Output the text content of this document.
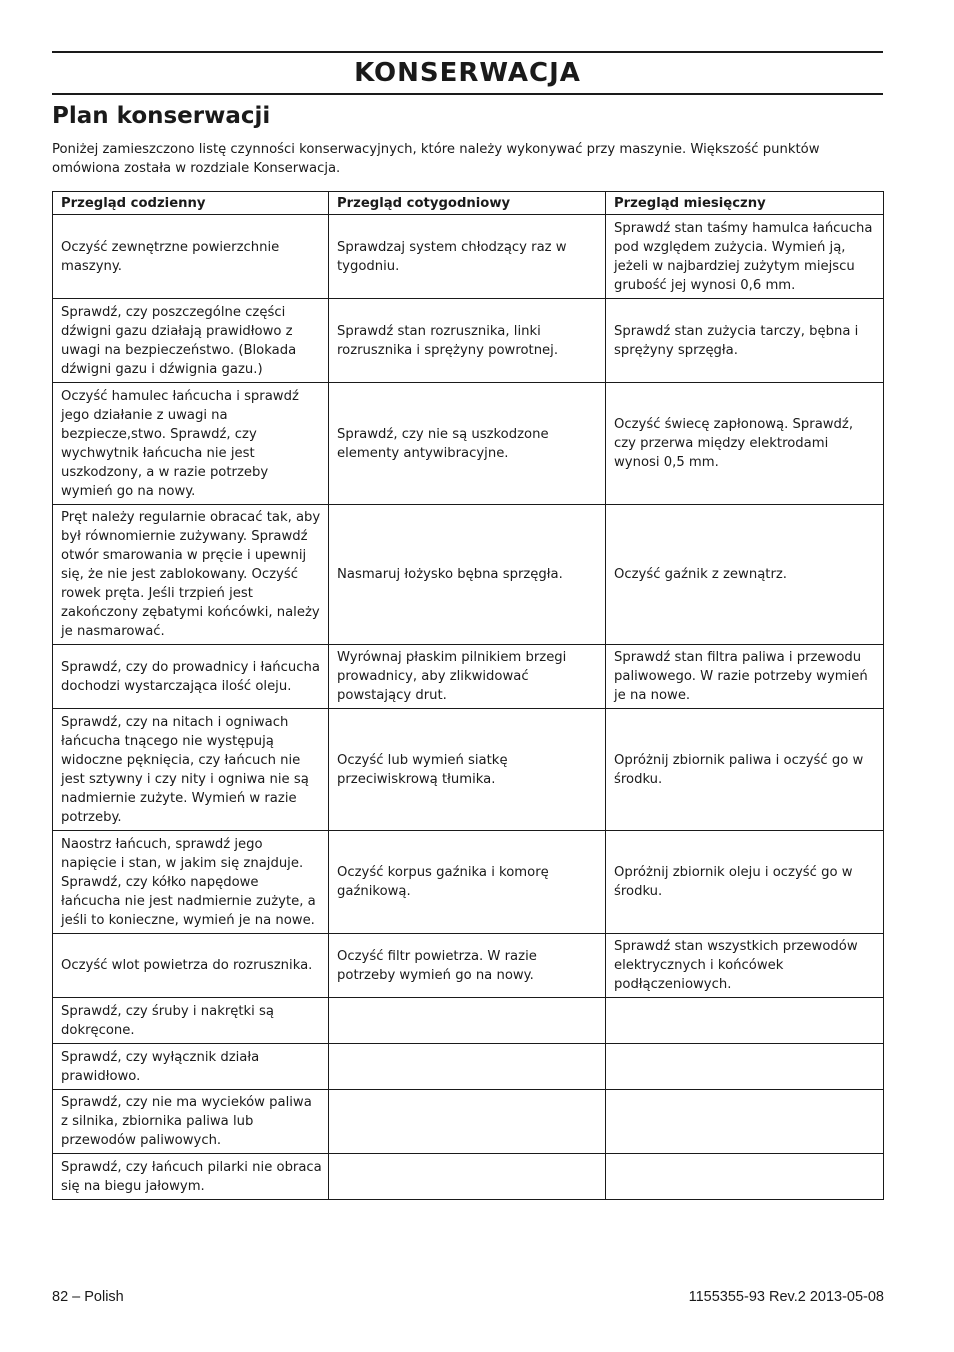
KONSERWACJA
Plan konserwacji

Poniżej zamieszczono listę czynności konserwacyjnych, które należy wykonywać przy maszynie. Większość punktów omówiona została w rozdziale Konserwacja.

Przegląd codzienny	Przegląd cotygodniowy	Przegląd miesięczny
Oczyść zewnętrzne powierzchnie maszyny.	Sprawdzaj system chłodzący raz w tygodniu.	Sprawdź stan taśmy hamulca łańcucha pod względem zużycia. Wymień ją, jeżeli w najbardziej zużytym miejscu grubość jej wynosi 0,6 mm.
Sprawdź, czy poszczególne części dźwigni gazu działają prawidłowo z uwagi na bezpieczeństwo. (Blokada dźwigni gazu i dźwignia gazu.)	Sprawdź stan rozrusznika, linki rozrusznika i sprężyny powrotnej.	Sprawdź stan zużycia tarczy, bębna i sprężyny sprzęgła.
Oczyść hamulec łańcucha i sprawdź jego działanie z uwagi na bezpiecze,stwo. Sprawdź, czy wychwytnik łańcucha nie jest uszkodzony, a w razie potrzeby wymień go na nowy.	Sprawdź, czy nie są uszkodzone elementy antywibracyjne.	Oczyść świecę zapłonową. Sprawdź, czy przerwa między elektrodami wynosi 0,5 mm.
Pręt należy regularnie obracać tak, aby był równomiernie zużywany. Sprawdź otwór smarowania w pręcie i upewnij się, że nie jest zablokowany. Oczyść rowek pręta. Jeśli trzpień jest zakończony zębatymi końcówki, należy je nasmarować.	Nasmaruj łożysko bębna sprzęgła.	Oczyść gaźnik z zewnątrz.
Sprawdź, czy do prowadnicy i łańcucha dochodzi wystarczająca ilość oleju.	Wyrównaj płaskim pilnikiem brzegi prowadnicy, aby zlikwidować powstający drut.	Sprawdź stan filtra paliwa i przewodu paliwowego. W razie potrzeby wymień je na nowe.
Sprawdź, czy na nitach i ogniwach łańcucha tnącego nie występują widoczne pęknięcia, czy łańcuch nie jest sztywny i czy nity i ogniwa nie są nadmiernie zużyte. Wymień w razie potrzeby.	Oczyść lub wymień siatkę przeciwiskrową tłumika.	Opróżnij zbiornik paliwa i oczyść go w środku.
Naostrz łańcuch, sprawdź jego napięcie i stan, w jakim się znajduje. Sprawdź, czy kółko napędowe łańcucha nie jest nadmiernie zużyte, a jeśli to konieczne, wymień je na nowe.	Oczyść korpus gaźnika i komorę gaźnikową.	Opróżnij zbiornik oleju i oczyść go w środku.
Oczyść wlot powietrza do rozrusznika.	Oczyść filtr powietrza. W razie potrzeby wymień go na nowy.	Sprawdź stan wszystkich przewodów elektrycznych i końcówek podłączeniowych.
Sprawdź, czy śruby i nakrętki są dokręcone.		
Sprawdź, czy wyłącznik działa prawidłowo.		
Sprawdź, czy nie ma wycieków paliwa z silnika, zbiornika paliwa lub przewodów paliwowych.		
Sprawdź, czy łańcuch pilarki nie obraca się na biegu jałowym.		
82 – Polish	1155355-93 Rev.2 2013-05-08
